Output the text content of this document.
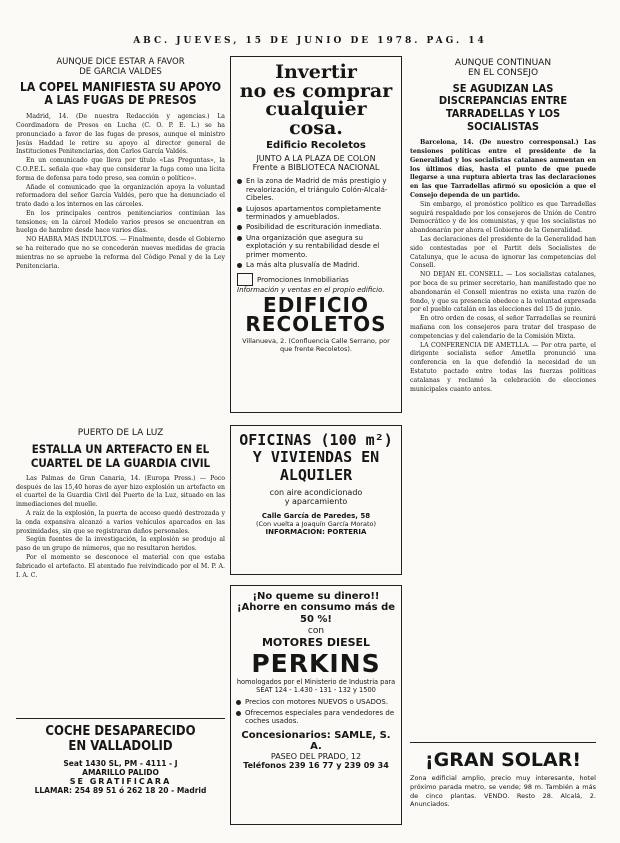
ABC. JUEVES, 15 DE JUNIO DE 1978. PAG. 14
AUNQUE DICE ESTAR A FAVOR
DE GARCIA VALDES
LA COPEL MANIFIESTA SU APOYO
A LAS FUGAS DE PRESOS

Madrid, 14. (De nuestra Redacción y agencias.) La Coordinadora de Presos en Lucha (C. O. P. E. L.) se ha pronunciado a favor de las fugas de presos, aunque el ministro Jesús Haddad le retire su apoyo al director general de Instituciones Penitenciarias, don Carlos García Valdés.

En un comunicado que lleva por título «Las Preguntas», la C.O.P.E.L. señala que «hay que considerar la fuga como una lícita forma de defensa para todo preso, sea común o político».

Añade el comunicado que la organización apoya la voluntad reformadora del señor García Valdés, pero que ha denunciado el trato dado a los internos en las cárceles.

En los principales centros penitenciarios continúan las tensiones; en la cárcel Modelo varios presos se encuentran en huelga de hambre desde hace varios días.

NO HABRA MAS INDULTOS. — Finalmente, desde el Gobierno se ha reiterado que no se concederán nuevas medidas de gracia mientras no se apruebe la reforma del Código Penal y de la Ley Penitenciaria.

PUERTO DE LA LUZ
ESTALLA UN ARTEFACTO EN EL
CUARTEL DE LA GUARDIA CIVIL

Las Palmas de Gran Canaria, 14. (Europa Press.) — Poco después de las 15,40 horas de ayer hizo explosión un artefacto en el cuartel de la Guardia Civil del Puerto de la Luz, situado en las inmediaciones del muelle.

A raíz de la explosión, la puerta de acceso quedó destrozada y la onda expansiva alcanzó a varios vehículos aparcados en las proximidades, sin que se registraran daños personales.

Según fuentes de la investigación, la explosión se produjo al paso de un grupo de números, que no resultaron heridos.

Por el momento se desconoce el material con que estaba fabricado el artefacto. El atentado fue reivindicado por el M. P. A. I. A. C.

COCHE DESAPARECIDO
EN VALLADOLID
Seat 1430 SL, PM - 4111 - J
AMARILLO PALIDO
SE GRATIFICARA
LLAMAR: 254 89 51 ó 262 18 20 - Madrid
Invertir
no es comprar
cualquier cosa.
Edificio Recoletos
JUNTO A LA PLAZA DE COLON
Frente a BIBLIOTECA NACIONAL
En la zona de Madrid de más prestigio y revalorización, el triángulo Colón-Alcalá-Cibeles.
Lujosos apartamentos completamente terminados y amueblados.
Posibilidad de escrituración inmediata.
Una organización que asegura su explotación y su rentabilidad desde el primer momento.
La más alta plusvalía de Madrid.
Promociones Inmobiliarias
Información y ventas en el propio edificio.
EDIFICIO
RECOLETOS
Villanueva, 2. (Confluencia Calle Serrano, por que frente Recoletos).
OFICINAS (100 m²)
Y VIVIENDAS EN
ALQUILER
con aire acondicionado
y aparcamiento
Calle García de Paredes, 58
(Con vuelta a Joaquín García Morato)
INFORMACION: PORTERIA
¡No queme su dinero!!
¡Ahorre en consumo más de 50 %!
con
MOTORES DIESEL
PERKINS
homologados por el Ministerio de Industria para SEAT 124 - 1.430 - 131 - 132 y 1500
Precios con motores NUEVOS o USADOS.
Ofrecemos especiales para vendedores de coches usados.
Concesionarios: SAMLE, S. A.
PASEO DEL PRADO, 12
Teléfonos 239 16 77 y 239 09 34
AUNQUE CONTINUAN
EN EL CONSEJO
SE AGUDIZAN LAS
DISCREPANCIAS ENTRE
TARRADELLAS Y LOS SOCIALISTAS

Barcelona, 14. (De nuestro corresponsal.) Las tensiones políticas entre el presidente de la Generalidad y los socialistas catalanes aumentan en los últimos días, hasta el punto de que puede llegarse a una ruptura abierta tras las declaraciones en las que Tarradellas afirmó su oposición a que el Consejo dependa de un partido.

Sin embargo, el pronóstico político es que Tarradellas seguirá respaldado por los consejeros de Unión de Centro Democrático y de los comunistas, y que los socialistas no abandonarán por ahora el Gobierno de la Generalidad.

Las declaraciones del presidente de la Generalidad han sido contestadas por el Partit dels Socialistes de Catalunya, que le acusa de ignorar las competencias del Consell.

NO DEJAN EL CONSELL. — Los socialistas catalanes, por boca de su primer secretario, han manifestado que no abandonarán el Consell mientras no exista una razón de fondo, y que su presencia obedece a la voluntad expresada por el pueblo catalán en las elecciones del 15 de junio.

En otro orden de cosas, el señor Tarradellas se reunirá mañana con los consejeros para tratar del traspaso de competencias y del calendario de la Comisión Mixta.

LA CONFERENCIA DE AMETLLA. — Por otra parte, el dirigente socialista señor Ametlla pronunció una conferencia en la que defendió la necesidad de un Estatuto pactado entre todas las fuerzas políticas catalanas y reclamó la celebración de elecciones municipales cuanto antes.

¡GRAN SOLAR!
Zona edificial amplio, precio muy interesante, hotel próximo parada metro, se vende; 98 m. También a más de cinco plantas. VENDO. Resto 28. Alcalá, 2. Anunciados.
